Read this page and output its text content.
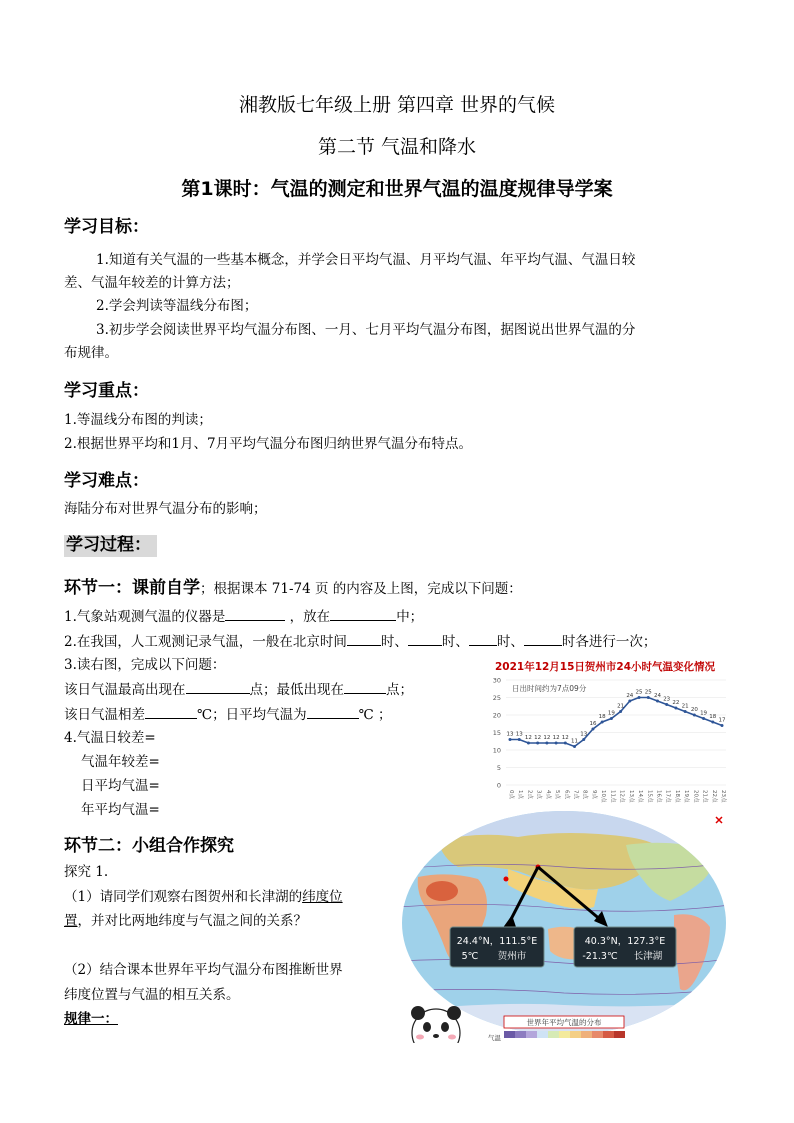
湘教版七年级上册 第四章 世界的气候
第二节 气温和降水
第1课时：气温的测定和世界气温的温度规律导学案
学习目标：
1.知道有关气温的一些基本概念，并学会日平均气温、月平均气温、年平均气温、气温日较
差、气温年较差的计算方法；
2.学会判读等温线分布图；
3.初步学会阅读世界平均气温分布图、一月、七月平均气温分布图，据图说出世界气温的分
布规律。
学习重点：
1.等温线分布图的判读；
2.根据世界平均和1月、7月平均气温分布图归纳世界气温分布特点。
学习难点：
海陆分布对世界气温分布的影响；
学习过程：
环节一：课前自学；根据课本 71-74 页 的内容及上图，完成以下问题：
1.气象站观测气温的仪器是	，放在	中；
2.在我国，人工观测记录气温，一般在北京时间	时、	时、 时、	时各进行一次；
3.读右图，完成以下问题：
该日气温最高出现在	点；最低出现在	点；
该日气温相差	℃；日平均气温为	℃ ；
4.气温日较差=
气温年较差=
日平均气温=
年平均气温=
2021年12月15日贺州市24小时气温变化情况
日出时间约为7点09分
0
5
10
15
20
25
30
0点 1点 2点 3点 4点 5点 6点 7点 8点 9点 10点 11点 12点 13点 14点 15点 16点 17点 18点 19点 20点 21点 22点 23点
13 13
12 12 12 12 12
11
13
16
18
19
21
24
25 25
24
23
22
21
20
19
18
17
环节二：小组合作探究
探究 1.
（1）请同学们观察右图贺州和长津湖的纬度位
置，并对比两地纬度与气温之间的关系？
（2）结合课本世界年平均气温分布图推断世界
纬度位置与气温的相互关系。
规律一：
24.4°N，111.5°E
5℃ 贺州市
40.3°N，127.3°E
-21.3℃ 长津湖
世界年平均气温的分布
气温
